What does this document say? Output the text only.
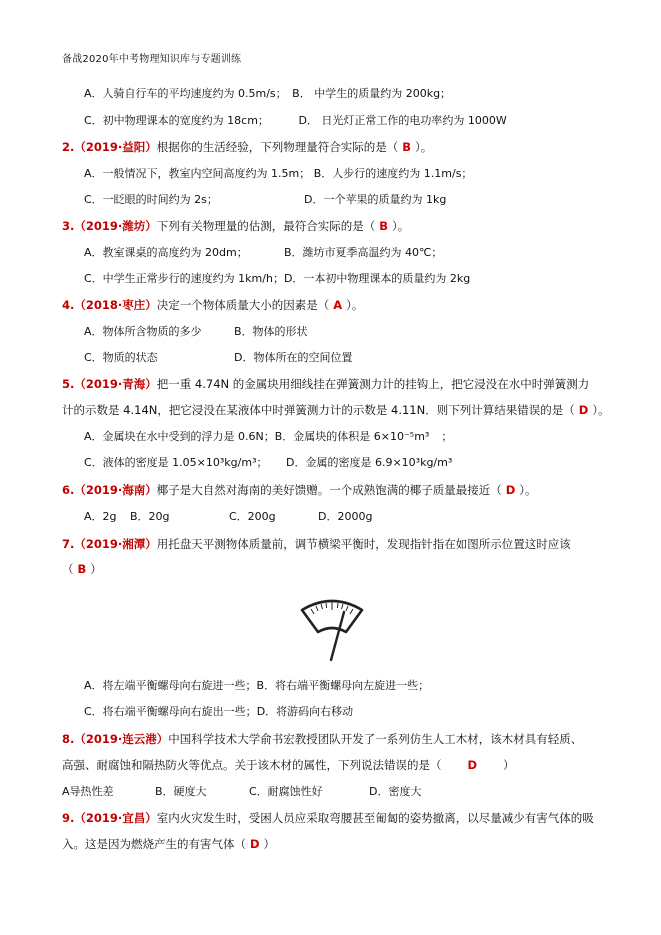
备战2020年中考物理知识库与专题训练
A．人骑自行车的平均速度约为 0.5m/s； B． 中学生的质量约为 200kg；
C．初中物理课本的宽度约为 18cm；	D． 日光灯正常工作的电功率约为 1000W
2.（2019·益阳）根据你的生活经验，下列物理量符合实际的是（ B ）。
A．一般情况下，教室内空间高度约为 1.5m； B．人步行的速度约为 1.1m/s；
C．一眨眼的时间约为 2s；	D．一个苹果的质量约为 1kg
3.（2019·潍坊）下列有关物理量的估测，最符合实际的是（ B ）。
A．教室课桌的高度约为 20dm；	B．潍坊市夏季高温约为 40℃；
C．中学生正常步行的速度约为 1km/h；D．一本初中物理课本的质量约为 2kg
4.（2018·枣庄）决定一个物体质量大小的因素是（ A ）。
A．物体所含物质的多少	B．物体的形状
C．物质的状态	D．物体所在的空间位置
5.（2019·青海）把一重 4.74N 的金属块用细线挂在弹簧测力计的挂钩上，把它浸没在水中时弹簧测力
计的示数是 4.14N，把它浸没在某液体中时弹簧测力计的示数是 4.11N．则下列计算结果错误的是（ D ）。
A．金属块在水中受到的浮力是 0.6N；B．金属块的体积是 6×10⁻⁵m³ ；
C．液体的密度是 1.05×10³kg/m³； D．金属的密度是 6.9×10³kg/m³
6.（2019·海南）椰子是大自然对海南的美好馈赠。一个成熟饱满的椰子质量最接近（ D ）。
A．2g B．20g	C．200g	D．2000g
7.（2019·湘潭）用托盘天平测物体质量前，调节横梁平衡时，发现指针指在如图所示位置这时应该
（ B ）
A．将左端平衡螺母向右旋进一些；B．将右端平衡螺母向左旋进一些；
C．将右端平衡螺母向右旋出一些；D．将游码向右移动
8.（2019·连云港）中国科学技术大学俞书宏教授团队开发了一系列仿生人工木材，该木材具有轻质、
高强、耐腐蚀和隔热防火等优点。关于该木材的属性，下列说法错误的是（ D ）
A导热性差	B．硬度大	C．耐腐蚀性好	D．密度大
9.（2019·宜昌）室内火灾发生时，受困人员应采取弯腰甚至匍匐的姿势撤离，以尽量减少有害气体的吸
入。这是因为燃烧产生的有害气体（ D ）
